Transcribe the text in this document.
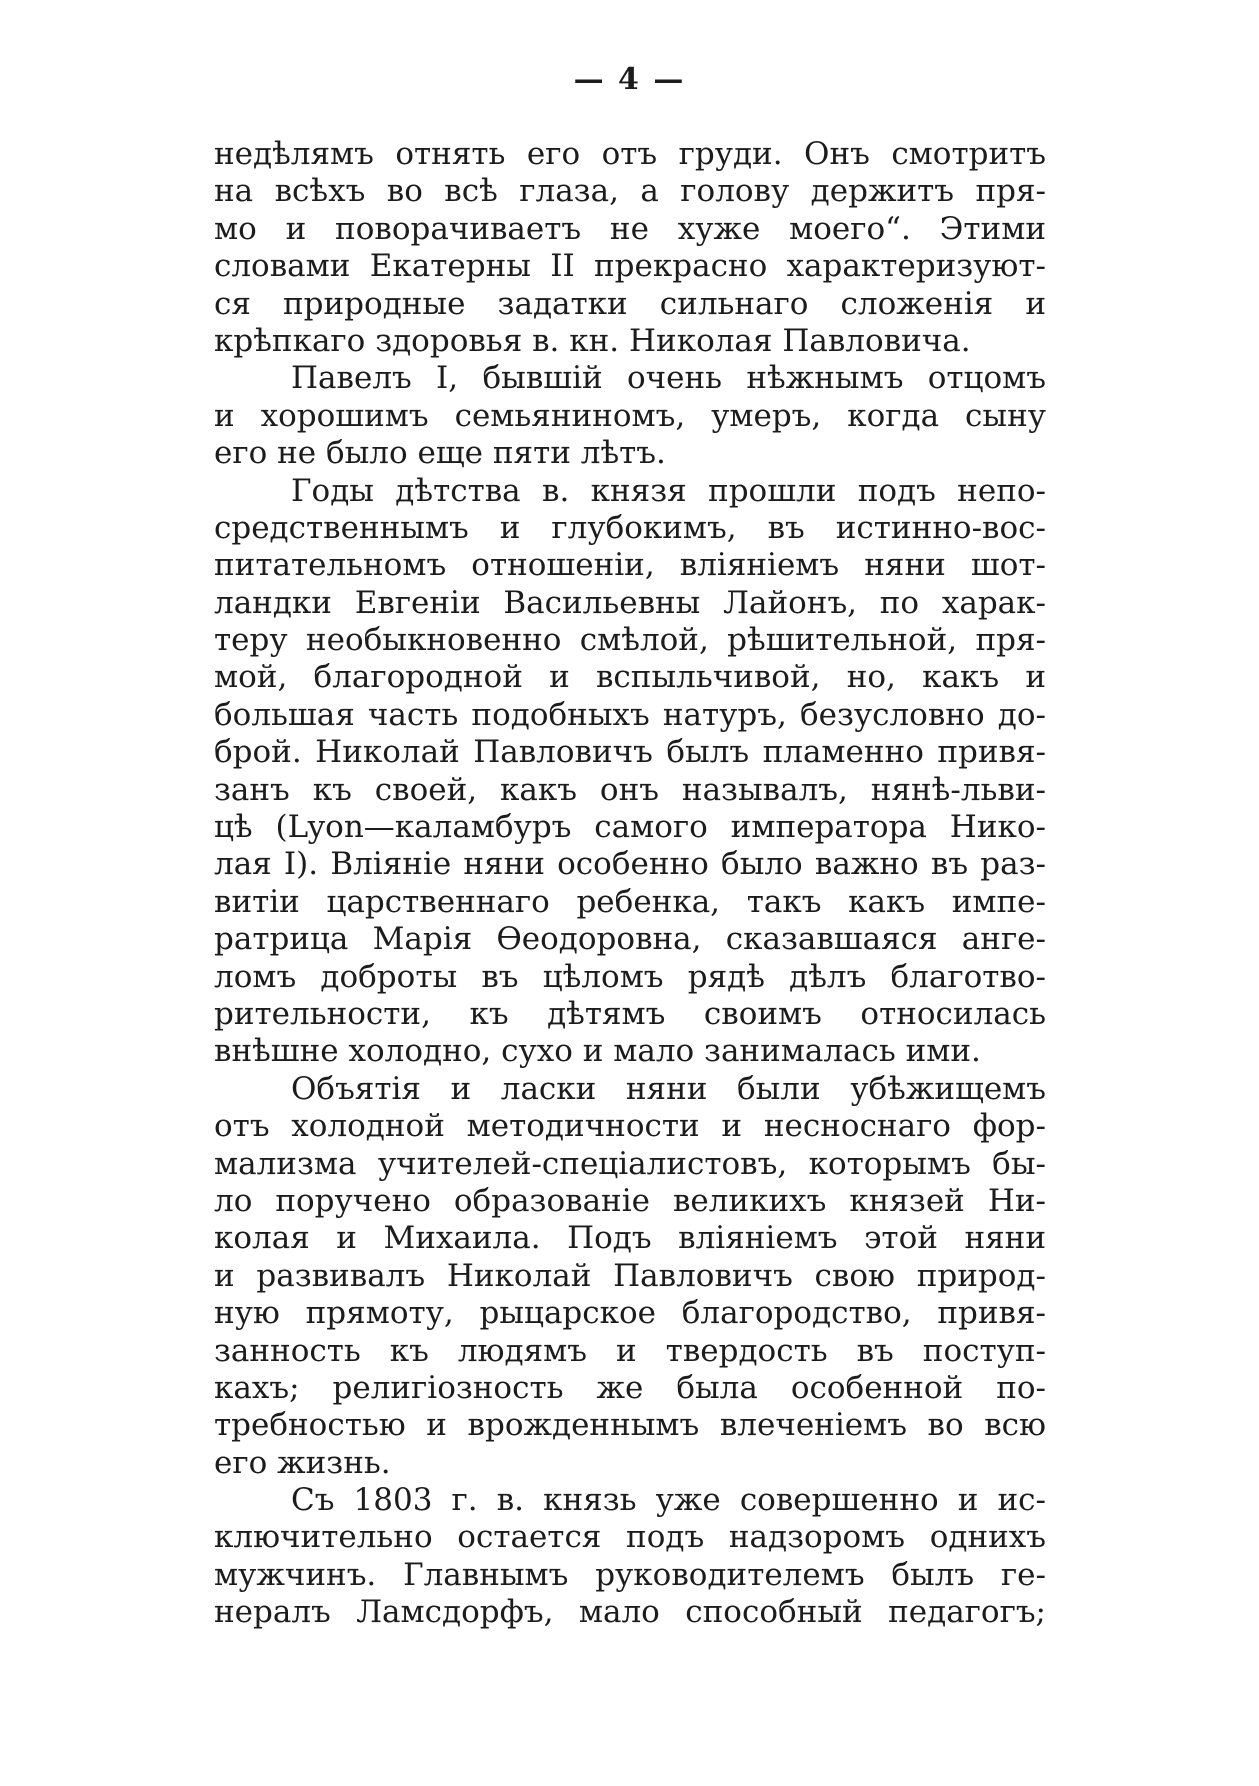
— 4 —
недѣлямъ отнять его отъ груди. Онъ смотритъ
на всѣхъ во всѣ глаза, а голову держитъ пря-
мо и поворачиваетъ не хуже моего“. Этими
словами Екатерны II прекрасно характеризуют-
ся природные задатки сильнаго сложенія и
крѣпкаго здоровья в. кн. Николая Павловича.
Павелъ I, бывшій очень нѣжнымъ отцомъ
и хорошимъ семьяниномъ, умеръ, когда сыну
его не было еще пяти лѣтъ.
Годы дѣтства в. князя прошли подъ непо-
средственнымъ и глубокимъ, въ истинно-вос-
питательномъ отношеніи, вліяніемъ няни шот-
ландки Евгеніи Васильевны Лайонъ, по харак-
теру необыкновенно смѣлой, рѣшительной, пря-
мой, благородной и вспыльчивой, но, какъ и
большая часть подобныхъ натуръ, безусловно до-
брой. Николай Павловичъ былъ пламенно привя-
занъ къ своей, какъ онъ называлъ, нянѣ-льви-
цѣ (Lyon—каламбуръ самого императора Нико-
лая I). Вліяніе няни особенно было важно въ раз-
витіи царственнаго ребенка, такъ какъ импе-
ратрица Марія Өеодоровна, сказавшаяся анге-
ломъ доброты въ цѣломъ рядѣ дѣлъ благотво-
рительности, къ дѣтямъ своимъ относилась
внѣшне холодно, сухо и мало занималась ими.
Объятія и ласки няни были убѣжищемъ
отъ холодной методичности и несноснаго фор-
мализма учителей-спеціалистовъ, которымъ бы-
ло поручено образованіе великихъ князей Ни-
колая и Михаила. Подъ вліяніемъ этой няни
и развивалъ Николай Павловичъ свою природ-
ную прямоту, рыцарское благородство, привя-
занность къ людямъ и твердость въ поступ-
кахъ; религіозность же была особенной по-
требностью и врожденнымъ влеченіемъ во всю
его жизнь.
Съ 1803 г. в. князь уже совершенно и ис-
ключительно остается подъ надзоромъ однихъ
мужчинъ. Главнымъ руководителемъ былъ ге-
нералъ Ламсдорфъ, мало способный педагогъ;
